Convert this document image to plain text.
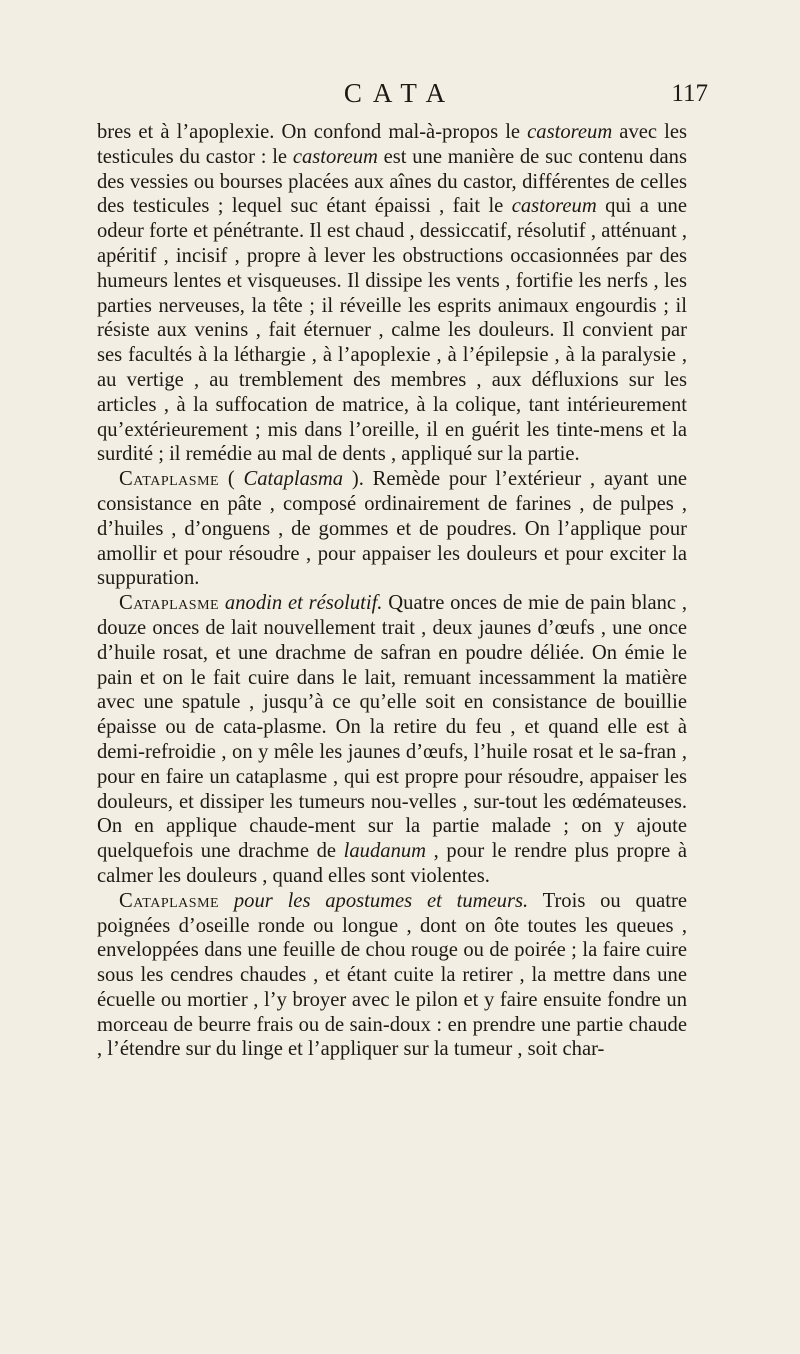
CATA	117

bres et à l’apoplexie. On confond mal-à-propos le castoreum avec les testicules du castor : le castoreum est une manière de suc contenu dans des vessies ou bourses placées aux aînes du castor, différentes de celles des testicules ; lequel suc étant épaissi , fait le castoreum qui a une odeur forte et pénétrante. Il est chaud , dessiccatif, résolutif , atténuant , apéritif , incisif , propre à lever les obstructions occasionnées par des humeurs lentes et visqueuses. Il dissipe les vents , fortifie les nerfs , les parties nerveuses, la tête ; il réveille les esprits animaux engourdis ; il résiste aux venins , fait éternuer , calme les douleurs. Il convient par ses facultés à la léthargie , à l’apoplexie , à l’épilepsie , à la paralysie , au vertige , au tremblement des membres , aux défluxions sur les articles , à la suffocation de matrice, à la colique, tant intérieurement qu’extérieurement ; mis dans l’oreille, il en guérit les tinte-mens et la surdité ; il remédie au mal de dents , appliqué sur la partie.

Cataplasme ( Cataplasma ). Remède pour l’extérieur , ayant une consistance en pâte , composé ordinairement de farines , de pulpes , d’huiles , d’onguens , de gommes et de poudres. On l’applique pour amollir et pour résoudre , pour appaiser les douleurs et pour exciter la suppuration.

Cataplasme anodin et résolutif. Quatre onces de mie de pain blanc , douze onces de lait nouvellement trait , deux jaunes d’œufs , une once d’huile rosat, et une drachme de safran en poudre déliée. On émie le pain et on le fait cuire dans le lait, remuant incessamment la matière avec une spatule , jusqu’à ce qu’elle soit en consistance de bouillie épaisse ou de cata-plasme. On la retire du feu , et quand elle est à demi-refroidie , on y mêle les jaunes d’œufs, l’huile rosat et le sa-fran , pour en faire un cataplasme , qui est propre pour résoudre, appaiser les douleurs, et dissiper les tumeurs nou-velles , sur-tout les œdémateuses. On en applique chaude-ment sur la partie malade ; on y ajoute quelquefois une drachme de laudanum , pour le rendre plus propre à calmer les douleurs , quand elles sont violentes.

Cataplasme pour les apostumes et tumeurs. Trois ou quatre poignées d’oseille ronde ou longue , dont on ôte toutes les queues , enveloppées dans une feuille de chou rouge ou de poirée ; la faire cuire sous les cendres chaudes , et étant cuite la retirer , la mettre dans une écuelle ou mortier , l’y broyer avec le pilon et y faire ensuite fondre un morceau de beurre frais ou de sain-doux : en prendre une partie chaude , l’étendre sur du linge et l’appliquer sur la tumeur , soit char-
